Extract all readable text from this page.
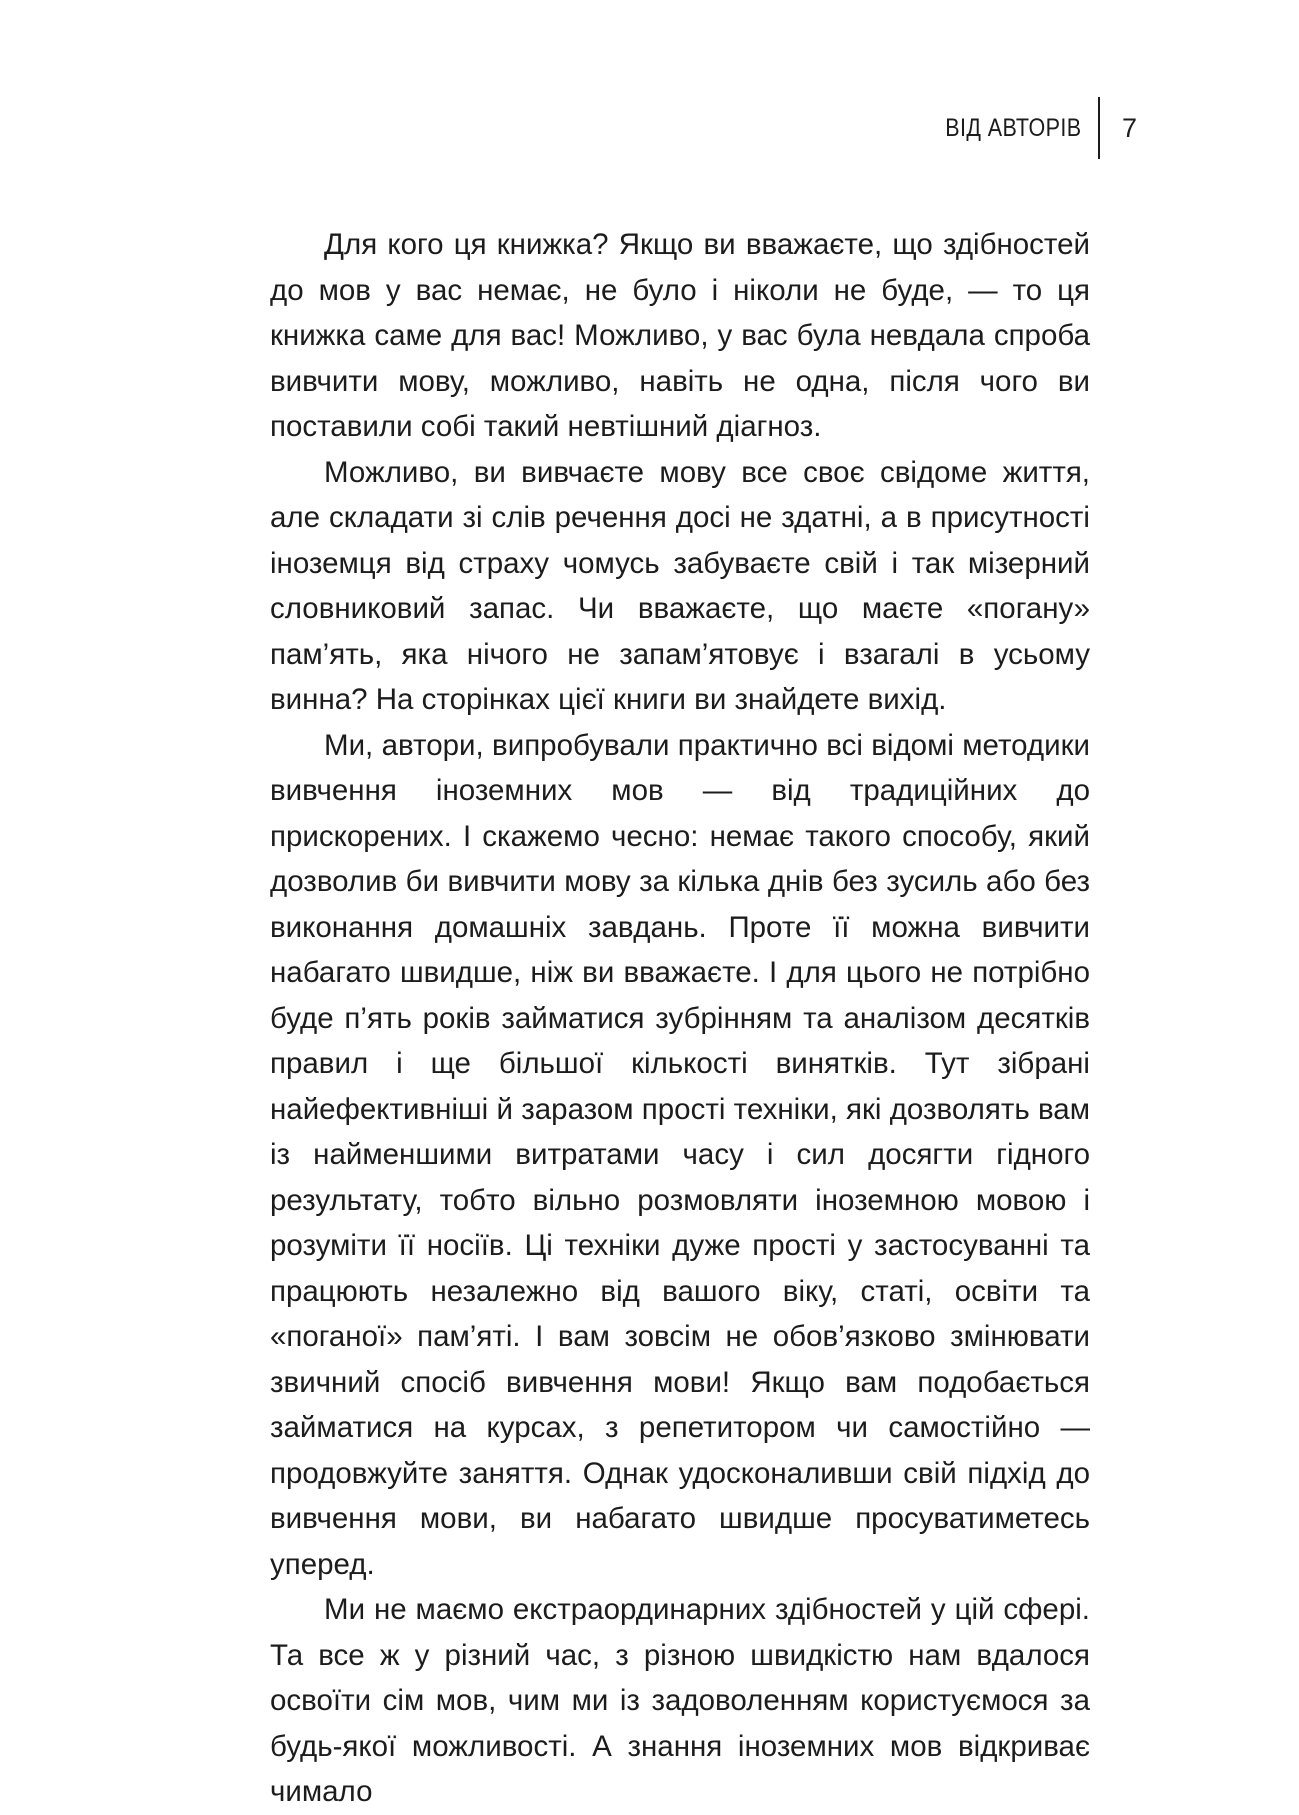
ВІД АВТОРІВ 7

Для кого ця книжка? Якщо ви вважаєте, що здібностей до мов у вас немає, не було і ніколи не буде, — то ця книжка саме для вас! Можливо, у вас була невдала спроба вивчити мову, можливо, навіть не одна, після чого ви поставили собі такий невтішний діагноз.

Можливо, ви вивчаєте мову все своє свідоме життя, але складати зі слів речення досі не здатні, а в присутності іноземця від страху чомусь забуваєте свій і так мізерний словниковий запас. Чи вважаєте, що маєте «погану» пам’ять, яка нічого не запам’ятовує і взагалі в усьому винна? На сторінках цієї книги ви знайдете вихід.

Ми, автори, випробували практично всі відомі методики вивчення іноземних мов — від традиційних до прискорених. І скажемо чесно: немає такого способу, який дозволив би вивчити мову за кілька днів без зусиль або без виконання домашніх завдань. Проте її можна вивчити набагато швидше, ніж ви вважаєте. І для цього не потрібно буде п’ять років займатися зубрінням та аналізом десятків правил і ще більшої кількості винятків. Тут зібрані найефективніші й заразом прості техніки, які дозволять вам із найменшими витратами часу і сил досягти гідного результату, тобто вільно розмовляти іноземною мовою і розуміти її носіїв. Ці техніки дуже прості у застосуванні та працюють незалежно від вашого віку, статі, освіти та «поганої» пам’яті. І вам зовсім не обов’язково змінювати звичний спосіб вивчення мови! Якщо вам подобається займатися на курсах, з репетитором чи самостійно — продовжуйте заняття. Однак удосконаливши свій підхід до вивчення мови, ви набагато швидше просуватиметесь уперед.

Ми не маємо екстраординарних здібностей у цій сфері. Та все ж у різний час, з різною швидкістю нам вдалося освоїти сім мов, чим ми із задоволенням користуємося за будь-якої можливості. А знання іноземних мов відкриває чимало
